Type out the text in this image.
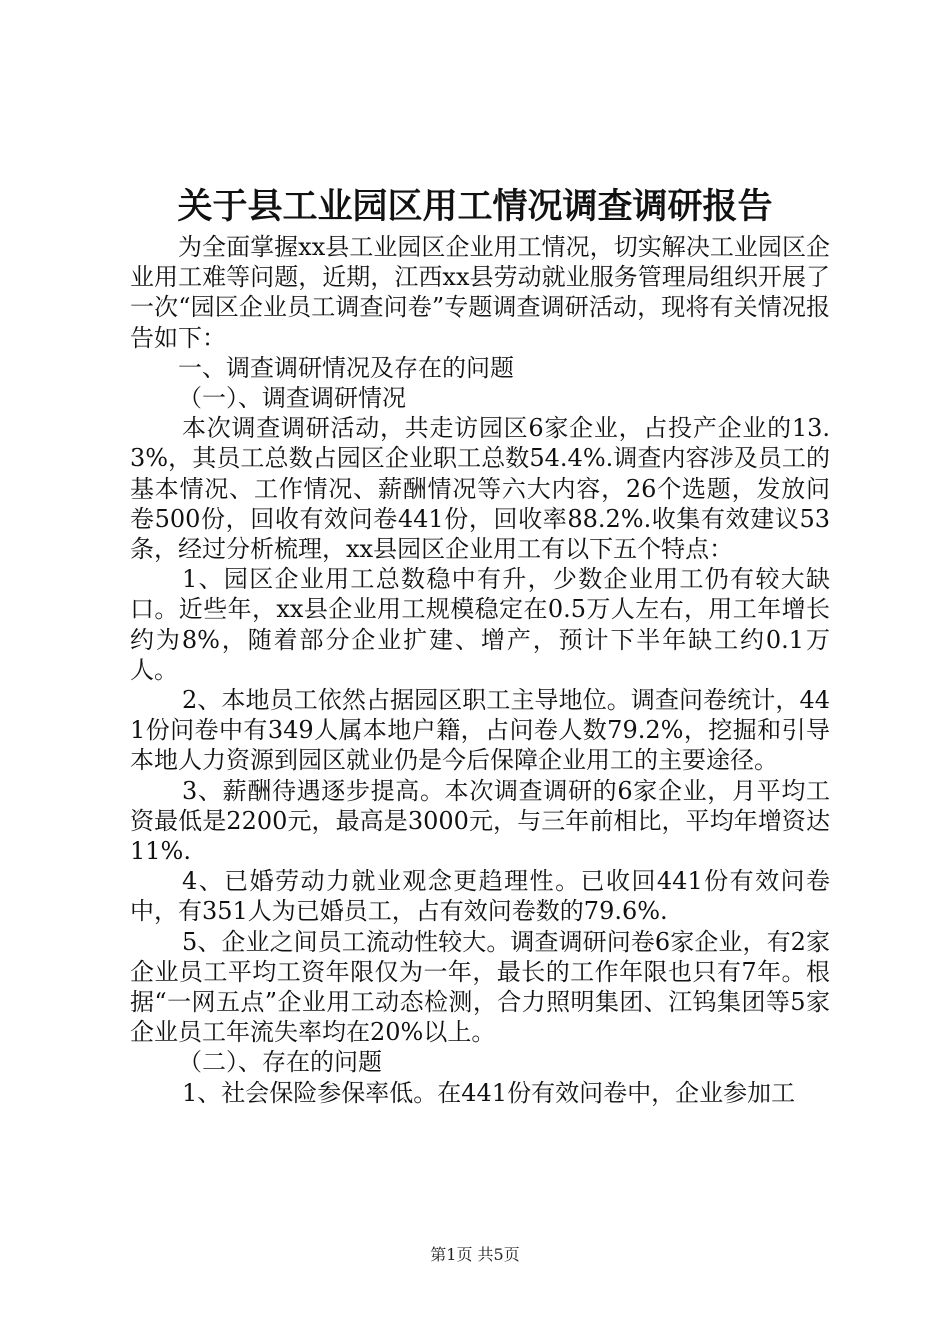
关于县工业园区用工情况调查调研报告

为全面掌握xx县工业园区企业用工情况，切实解决工业园区企业用工难等问题，近期，江西xx县劳动就业服务管理局组织开展了一次“园区企业员工调查问卷”专题调查调研活动，现将有关情况报告如下：

一、调查调研情况及存在的问题

（一）、调查调研情况

本次调查调研活动，共走访园区6家企业，占投产企业的13.3%，其员工总数占园区企业职工总数54.4%.调查内容涉及员工的基本情况、工作情况、薪酬情况等六大内容，26个选题，发放问卷500份，回收有效问卷441份，回收率88.2%.收集有效建议53条，经过分析梳理，xx县园区企业用工有以下五个特点：

1、园区企业用工总数稳中有升，少数企业用工仍有较大缺口。近些年，xx县企业用工规模稳定在0.5万人左右，用工年增长约为8%，随着部分企业扩建、增产，预计下半年缺工约0.1万人。

2、本地员工依然占据园区职工主导地位。调查问卷统计，441份问卷中有349人属本地户籍，占问卷人数79.2%，挖掘和引导本地人力资源到园区就业仍是今后保障企业用工的主要途径。

3、薪酬待遇逐步提高。本次调查调研的6家企业，月平均工资最低是2200元，最高是3000元，与三年前相比，平均年增资达11%.

4、已婚劳动力就业观念更趋理性。已收回441份有效问卷中，有351人为已婚员工，占有效问卷数的79.6%.

5、企业之间员工流动性较大。调查调研问卷6家企业，有2家企业员工平均工资年限仅为一年，最长的工作年限也只有7年。根据“一网五点”企业用工动态检测，合力照明集团、江钨集团等5家企业员工年流失率均在20%以上。

（二）、存在的问题

1、社会保险参保率低。在441份有效问卷中，企业参加工

第1页 共5页
